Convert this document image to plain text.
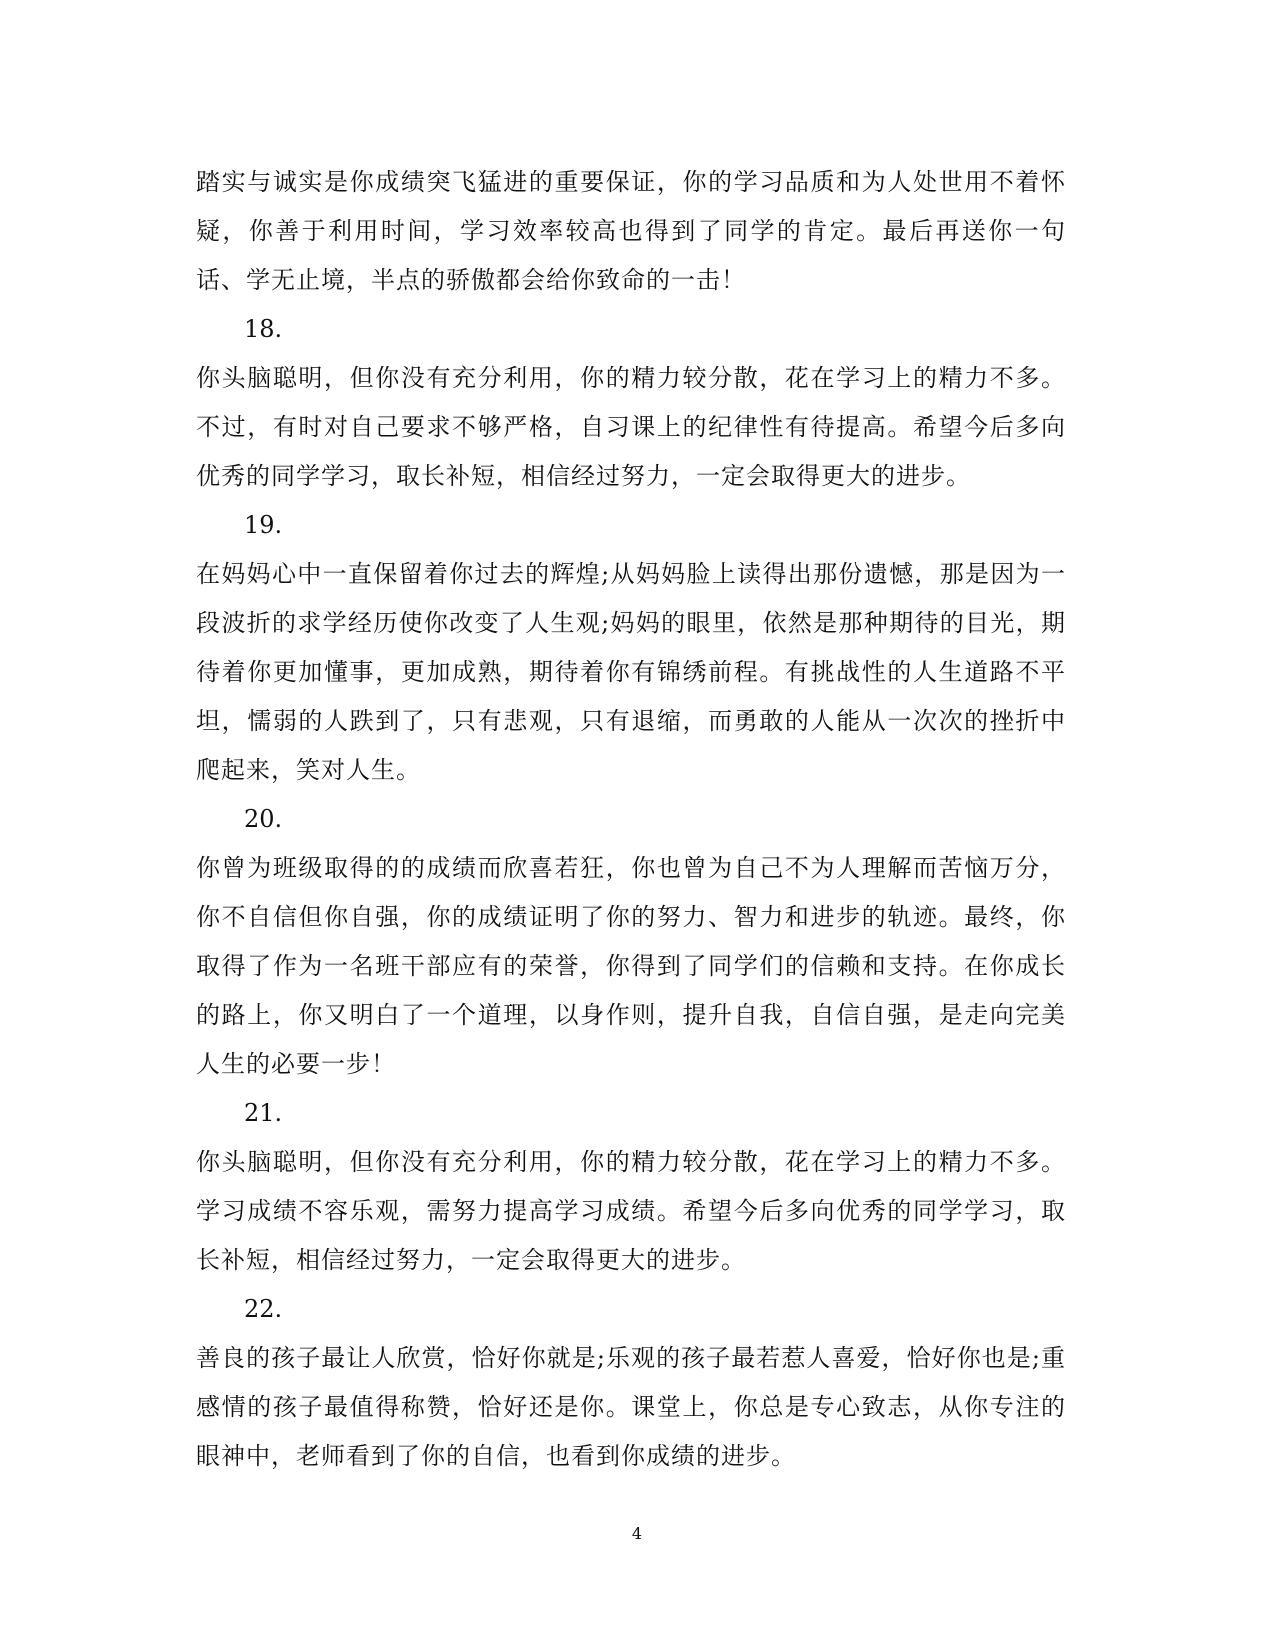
踏实与诚实是你成绩突飞猛进的重要保证，你的学习品质和为人处世用不着怀疑，你善于利用时间，学习效率较高也得到了同学的肯定。最后再送你一句话、学无止境，半点的骄傲都会给你致命的一击！

18.

你头脑聪明，但你没有充分利用，你的精力较分散，花在学习上的精力不多。不过，有时对自己要求不够严格，自习课上的纪律性有待提高。希望今后多向优秀的同学学习，取长补短，相信经过努力，一定会取得更大的进步。

19.

在妈妈心中一直保留着你过去的辉煌;从妈妈脸上读得出那份遗憾，那是因为一段波折的求学经历使你改变了人生观;妈妈的眼里，依然是那种期待的目光，期待着你更加懂事，更加成熟，期待着你有锦绣前程。有挑战性的人生道路不平坦，懦弱的人跌到了，只有悲观，只有退缩，而勇敢的人能从一次次的挫折中爬起来，笑对人生。

20.

你曾为班级取得的的成绩而欣喜若狂，你也曾为自己不为人理解而苦恼万分，你不自信但你自强，你的成绩证明了你的努力、智力和进步的轨迹。最终，你取得了作为一名班干部应有的荣誉，你得到了同学们的信赖和支持。在你成长的路上，你又明白了一个道理，以身作则，提升自我，自信自强，是走向完美人生的必要一步！

21.

你头脑聪明，但你没有充分利用，你的精力较分散，花在学习上的精力不多。学习成绩不容乐观，需努力提高学习成绩。希望今后多向优秀的同学学习，取长补短，相信经过努力，一定会取得更大的进步。

22.

善良的孩子最让人欣赏，恰好你就是;乐观的孩子最若惹人喜爱，恰好你也是;重感情的孩子最值得称赞，恰好还是你。课堂上，你总是专心致志，从你专注的眼神中，老师看到了你的自信，也看到你成绩的进步。

4
